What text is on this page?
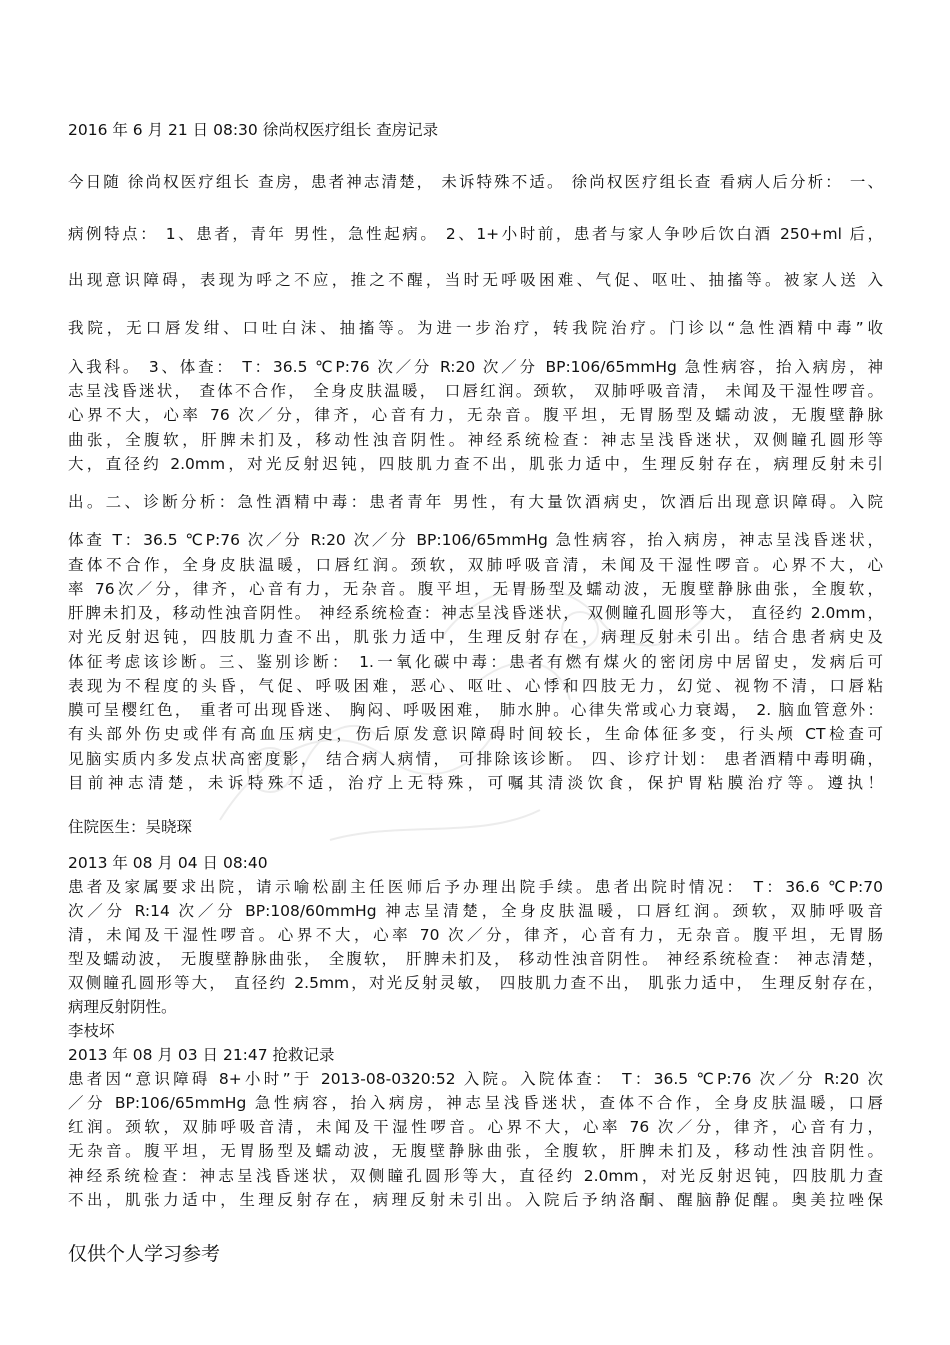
2016 年 6 月 21 日 08:30 徐尚权医疗组长 查房记录
今日随 徐尚权医疗组长 查房，患者神志清楚， 未诉特殊不适。 徐尚权医疗组长查 看病人后分析： 一、
病例特点： 1、患者，青年 男性，急性起病。 2、1+小时前，患者与家人争吵后饮白酒 250+ml 后，
出现意识障碍，表现为呼之不应，推之不醒，当时无呼吸困难、气促、呕吐、抽搐等。被家人送 入
我院，无口唇发绀、口吐白沫、抽搐等。为进一步治疗，转我院治疗。门诊以“急性酒精中毒”收
入我科。 3、体查： T：36.5 ℃P:76 次／分 R:20 次／分 BP:106/65mmHg 急性病容，抬入病房，神
志呈浅昏迷状， 查体不合作， 全身皮肤温暖， 口唇红润。颈软， 双肺呼吸音清， 未闻及干湿性啰音。
心界不大，心率 76 次／分，律齐，心音有力，无杂音。腹平坦，无胃肠型及蠕动波，无腹壁静脉
曲张，全腹软，肝脾未扪及，移动性浊音阴性。神经系统检查：神志呈浅昏迷状，双侧瞳孔圆形等
大，直径约 2.0mm，对光反射迟钝，四肢肌力查不出，肌张力适中，生理反射存在，病理反射未引
出。二、诊断分析：急性酒精中毒：患者青年 男性，有大量饮酒病史，饮酒后出现意识障碍。入院
体查 T：36.5 ℃P:76 次／分 R:20 次／分 BP:106/65mmHg 急性病容，抬入病房，神志呈浅昏迷状，
查体不合作，全身皮肤温暖，口唇红润。颈软，双肺呼吸音清，未闻及干湿性啰音。心界不大，心
率 76次／分，律齐，心音有力，无杂音。腹平坦，无胃肠型及蠕动波，无腹壁静脉曲张，全腹软，
肝脾未扪及，移动性浊音阴性。 神经系统检查：神志呈浅昏迷状， 双侧瞳孔圆形等大， 直径约 2.0mm，
对光反射迟钝，四肢肌力查不出，肌张力适中，生理反射存在，病理反射未引出。结合患者病史及
体征考虑该诊断。三、鉴别诊断： 1.一氧化碳中毒：患者有燃有煤火的密闭房中居留史，发病后可
表现为不程度的头昏，气促、呼吸困难，恶心、呕吐、心悸和四肢无力，幻觉、视物不清，口唇粘
膜可呈樱红色， 重者可出现昏迷、 胸闷、呼吸困难， 肺水肿。心律失常或心力衰竭， 2. 脑血管意外：
有头部外伤史或伴有高血压病史，伤后原发意识障碍时间较长，生命体征多变，行头颅 CT检查可
见脑实质内多发点状高密度影， 结合病人病情， 可排除该诊断。 四、诊疗计划： 患者酒精中毒明确，
目前神志清楚，未诉特殊不适，治疗上无特殊，可嘱其清淡饮食，保护胃粘膜治疗等。遵执！
住院医生：吴晓琛
2013 年 08 月 04 日 08:40
患者及家属要求出院，请示喻松副主任医师后予办理出院手续。患者出院时情况： T：36.6 ℃P:70
次／分 R:14 次／分 BP:108/60mmHg 神志呈清楚，全身皮肤温暖，口唇红润。颈软，双肺呼吸音
清，未闻及干湿性啰音。心界不大，心率 70 次／分，律齐，心音有力，无杂音。腹平坦，无胃肠
型及蠕动波， 无腹壁静脉曲张， 全腹软， 肝脾未扪及， 移动性浊音阴性。 神经系统检查： 神志清楚，
双侧瞳孔圆形等大， 直径约 2.5mm，对光反射灵敏， 四肢肌力查不出， 肌张力适中， 生理反射存在，
病理反射阴性。
李枝坏
2013 年 08 月 03 日 21:47 抢救记录
患者因“意识障碍 8+小时”于 2013-08-0320:52 入院。入院体查： T：36.5 ℃P:76 次／分 R:20 次
／分 BP:106/65mmHg 急性病容，抬入病房，神志呈浅昏迷状，查体不合作，全身皮肤温暖，口唇
红润。颈软，双肺呼吸音清，未闻及干湿性啰音。心界不大，心率 76 次／分，律齐，心音有力，
无杂音。腹平坦，无胃肠型及蠕动波，无腹壁静脉曲张，全腹软，肝脾未扪及，移动性浊音阴性。
神经系统检查：神志呈浅昏迷状，双侧瞳孔圆形等大，直径约 2.0mm，对光反射迟钝，四肢肌力查
不出，肌张力适中，生理反射存在，病理反射未引出。入院后予纳洛酮、醒脑静促醒。奥美拉唑保
仅供个人学习参考
